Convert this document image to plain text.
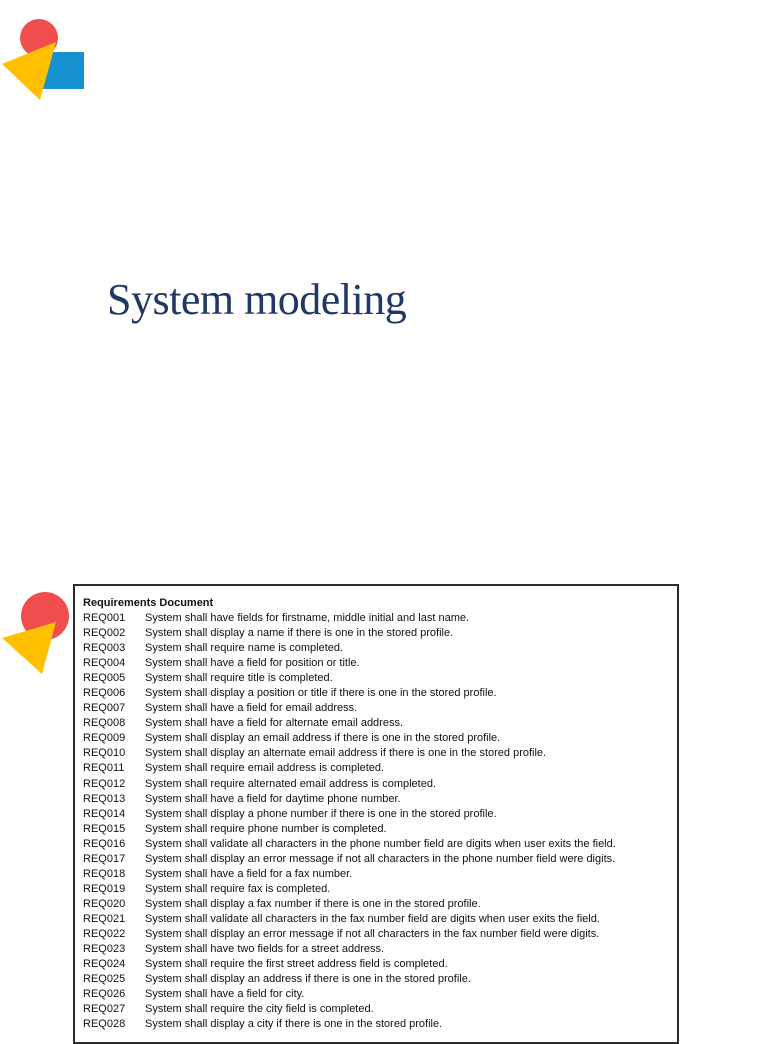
System modeling
Requirements Document
REQ001	System shall have fields for firstname, middle initial and last name.
REQ002	System shall display a name if there is one in the stored profile.
REQ003	System shall require name is completed.
REQ004	System shall have a field for position or title.
REQ005	System shall require title is completed.
REQ006	System shall display a position or title if there is one in the stored profile.
REQ007	System shall have a field for email address.
REQ008	System shall have a field for alternate email address.
REQ009	System shall display an email address if there is one in the stored profile.
REQ010	System shall display an alternate email address if there is one in the stored profile.
REQ011	System shall require email address is completed.
REQ012	System shall require alternated email address is completed.
REQ013	System shall have a field for daytime phone number.
REQ014	System shall display a phone number if there is one in the stored profile.
REQ015	System shall require phone number is completed.
REQ016	System shall validate all characters in the phone number field are digits when user exits the field.
REQ017	System shall display an error message if not all characters in the phone number field were digits.
REQ018	System shall have a field for a fax number.
REQ019	System shall require fax is completed.
REQ020	System shall display a fax number if there is one in the stored profile.
REQ021	System shall validate all characters in the fax number field are digits when user exits the field.
REQ022	System shall display an error message if not all characters in the fax number field were digits.
REQ023	System shall have two fields for a street address.
REQ024	System shall require the first street address field is completed.
REQ025	System shall display an address if there is one in the stored profile.
REQ026	System shall have a field for city.
REQ027	System shall require the city field is completed.
REQ028	System shall display a city if there is one in the stored profile.
